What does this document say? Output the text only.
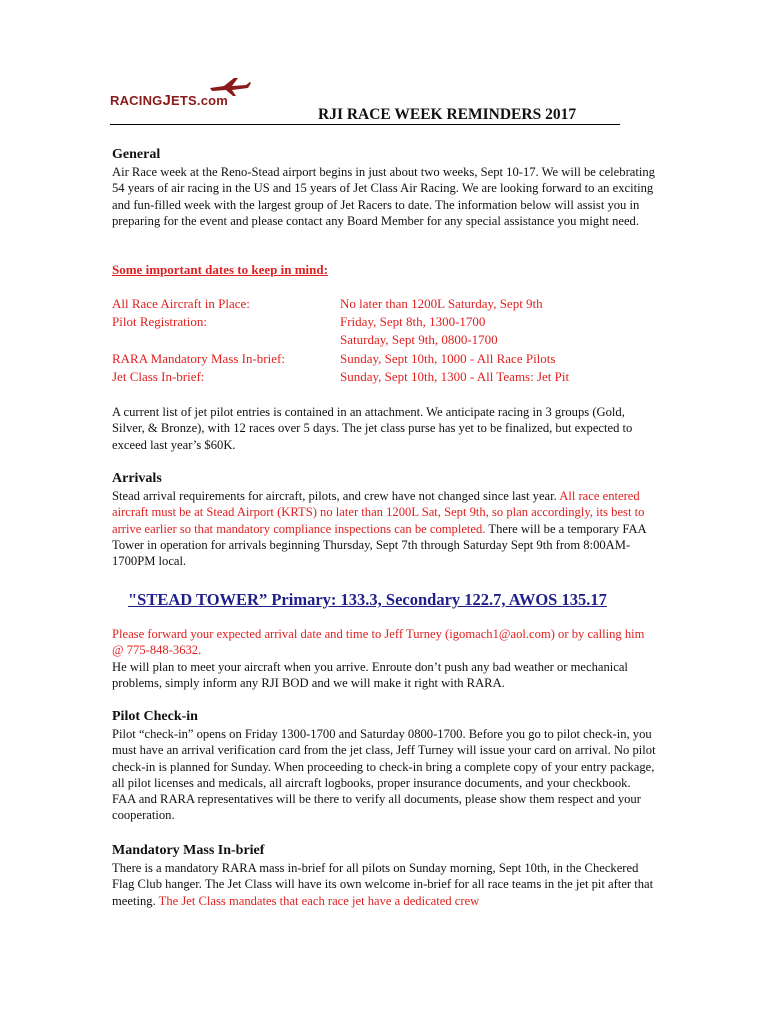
RACINGJETS.com
RJI RACE WEEK REMINDERS 2017

General

Air Race week at the Reno-Stead airport begins in just about two weeks, Sept 10-17. We will be celebrating 54 years of air racing in the US and 15 years of Jet Class Air Racing. We are looking forward to an exciting and fun-filled week with the largest group of Jet Racers to date. The information below will assist you in preparing for the event and please contact any Board Member for any special assistance you might need.

Some important dates to keep in mind:
All Race Aircraft in Place:	No later than 1200L Saturday, Sept 9th
Pilot Registration:	Friday, Sept 8th, 1300-1700
Saturday, Sept 9th, 0800-1700
RARA Mandatory Mass In-brief:	Sunday, Sept 10th, 1000 - All Race Pilots
Jet Class In-brief:	Sunday, Sept 10th, 1300 - All Teams: Jet Pit

A current list of jet pilot entries is contained in an attachment. We anticipate racing in 3 groups (Gold, Silver, & Bronze), with 12 races over 5 days. The jet class purse has yet to be finalized, but expected to exceed last year’s $60K.

Arrivals

Stead arrival requirements for aircraft, pilots, and crew have not changed since last year. All race entered aircraft must be at Stead Airport (KRTS) no later than 1200L Sat, Sept 9th, so plan accordingly, its best to arrive earlier so that mandatory compliance inspections can be completed. There will be a temporary FAA Tower in operation for arrivals beginning Thursday, Sept 7th through Saturday Sept 9th from 8:00AM-1700PM local.

"STEAD TOWER” Primary: 133.3, Secondary 122.7, AWOS 135.17

Please forward your expected arrival date and time to Jeff Turney (igomach1@aol.com) or by calling him @ 775-848-3632.

He will plan to meet your aircraft when you arrive. Enroute don’t push any bad weather or mechanical problems, simply inform any RJI BOD and we will make it right with RARA.

Pilot Check-in

Pilot “check-in” opens on Friday 1300-1700 and Saturday 0800-1700. Before you go to pilot check-in, you must have an arrival verification card from the jet class, Jeff Turney will issue your card on arrival. No pilot check-in is planned for Sunday. When proceeding to check-in bring a complete copy of your entry package, all pilot licenses and medicals, all aircraft logbooks, proper insurance documents, and your checkbook. FAA and RARA representatives will be there to verify all documents, please show them respect and your cooperation.

Mandatory Mass In-brief

There is a mandatory RARA mass in-brief for all pilots on Sunday morning, Sept 10th, in the Checkered Flag Club hanger. The Jet Class will have its own welcome in-brief for all race teams in the jet pit after that meeting. The Jet Class mandates that each race jet have a dedicated crew
